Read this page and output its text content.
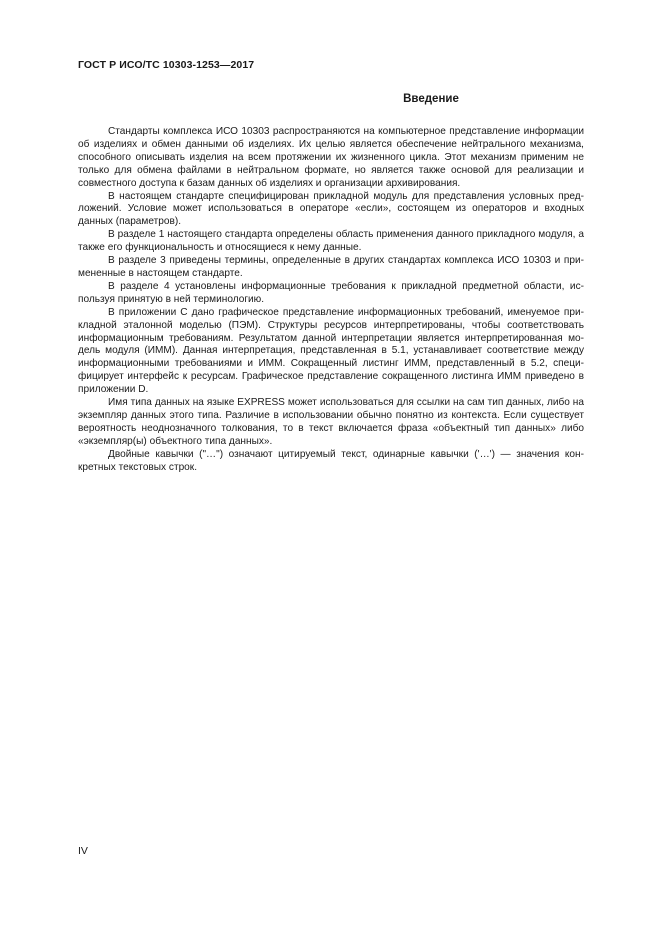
ГОСТ Р ИСО/ТС 10303-1253—2017
Введение

Стандарты комплекса ИСО 10303 распространяются на компьютерное представление информации об изделиях и обмен данными об изделиях. Их целью является обеспечение нейтрального механизма, способного описывать изделия на всем протяжении их жизненного цикла. Этот механизм применим не только для обмена файлами в нейтральном формате, но является также основой для реализации и совместного доступа к базам данных об изделиях и организации архивирования.

В настоящем стандарте специфицирован прикладной модуль для представления условных предложений. Условие может использоваться в операторе «если», состоящем из операторов и входных данных (параметров).

В разделе 1 настоящего стандарта определены область применения данного прикладного модуля, а также его функциональность и относящиеся к нему данные.

В разделе 3 приведены термины, определенные в других стандартах комплекса ИСО 10303 и примененные в настоящем стандарте.

В разделе 4 установлены информационные требования к прикладной предметной области, используя принятую в ней терминологию.

В приложении С дано графическое представление информационных требований, именуемое прикладной эталонной моделью (ПЭМ). Структуры ресурсов интерпретированы, чтобы соответствовать информационным требованиям. Результатом данной интерпретации является интерпретированная модель модуля (ИММ). Данная интерпретация, представленная в 5.1, устанавливает соответствие между информационными требованиями и ИММ. Сокращенный листинг ИММ, представленный в 5.2, специфицирует интерфейс к ресурсам. Графическое представление сокращенного листинга ИММ приведено в приложении D.

Имя типа данных на языке EXPRESS может использоваться для ссылки на сам тип данных, либо на экземпляр данных этого типа. Различие в использовании обычно понятно из контекста. Если существует вероятность неоднозначного толкования, то в текст включается фраза «объектный тип данных» либо «экземпляр(ы) объектного типа данных».

Двойные кавычки ("…") означают цитируемый текст, одинарные кавычки ('…') — значения конкретных текстовых строк.

IV
